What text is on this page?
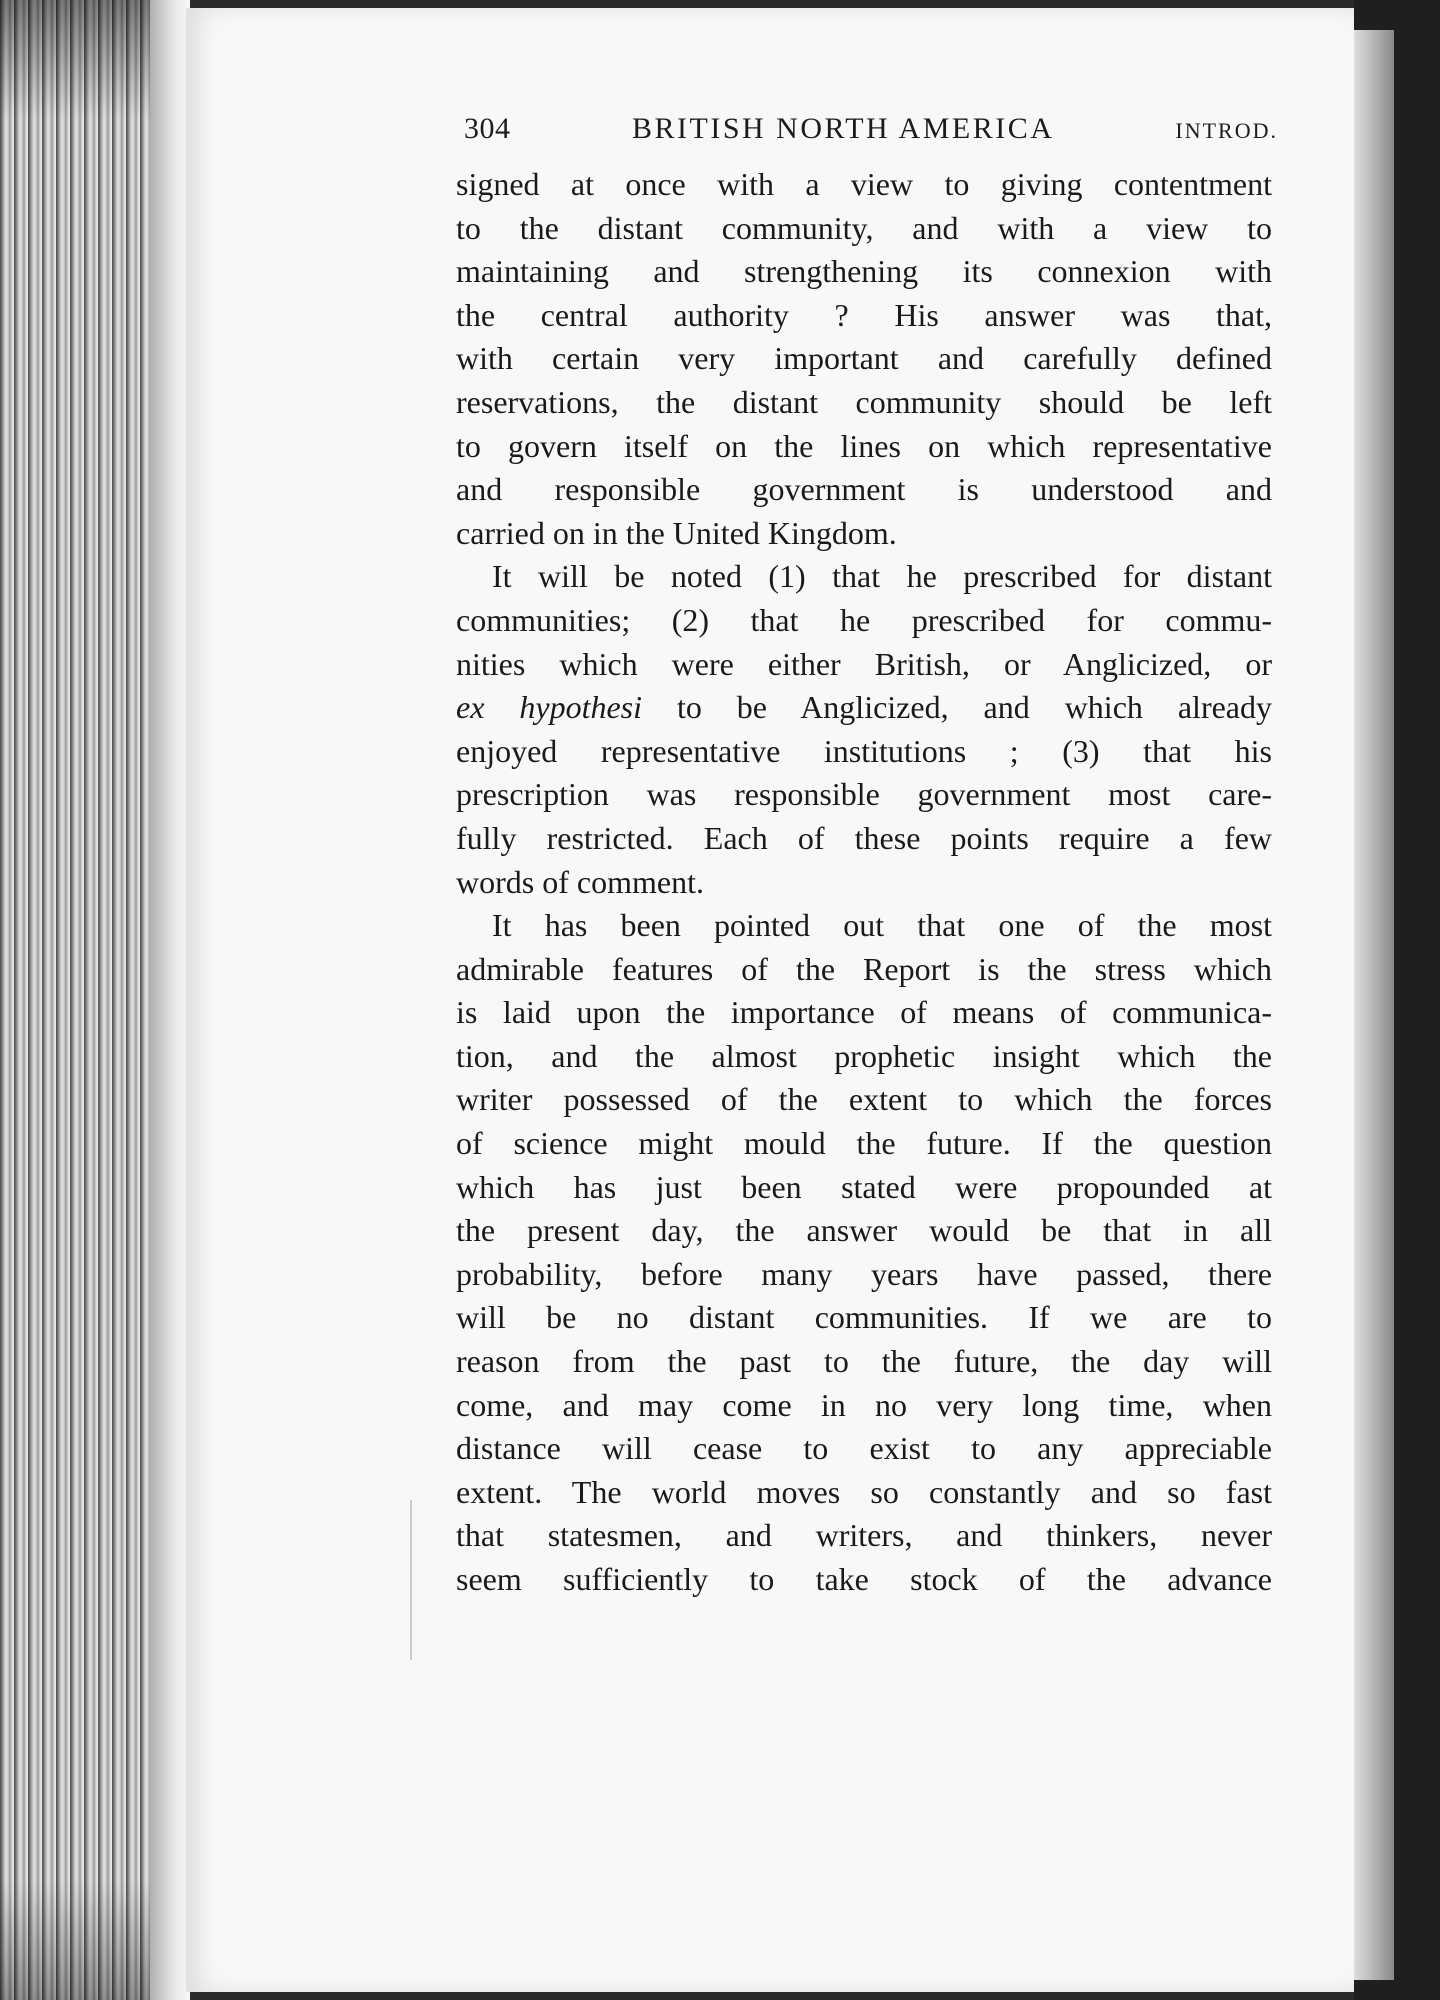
304	BRITISH NORTH AMERICA	INTROD.
signed at once with a view to giving contentment
to the distant community, and with a view to
maintaining and strengthening its connexion with
the central authority ? His answer was that,
with certain very important and carefully defined
reservations, the distant community should be left
to govern itself on the lines on which representative
and responsible government is understood and
carried on in the United Kingdom.
It will be noted (1) that he prescribed for distant
communities; (2) that he prescribed for commu-
nities which were either British, or Anglicized, or
ex hypothesi to be Anglicized, and which already
enjoyed representative institutions ; (3) that his
prescription was responsible government most care-
fully restricted. Each of these points require a few
words of comment.
It has been pointed out that one of the most
admirable features of the Report is the stress which
is laid upon the importance of means of communica-
tion, and the almost prophetic insight which the
writer possessed of the extent to which the forces
of science might mould the future. If the question
which has just been stated were propounded at
the present day, the answer would be that in all
probability, before many years have passed, there
will be no distant communities. If we are to
reason from the past to the future, the day will
come, and may come in no very long time, when
distance will cease to exist to any appreciable
extent. The world moves so constantly and so fast
that statesmen, and writers, and thinkers, never
seem sufficiently to take stock of the advance
